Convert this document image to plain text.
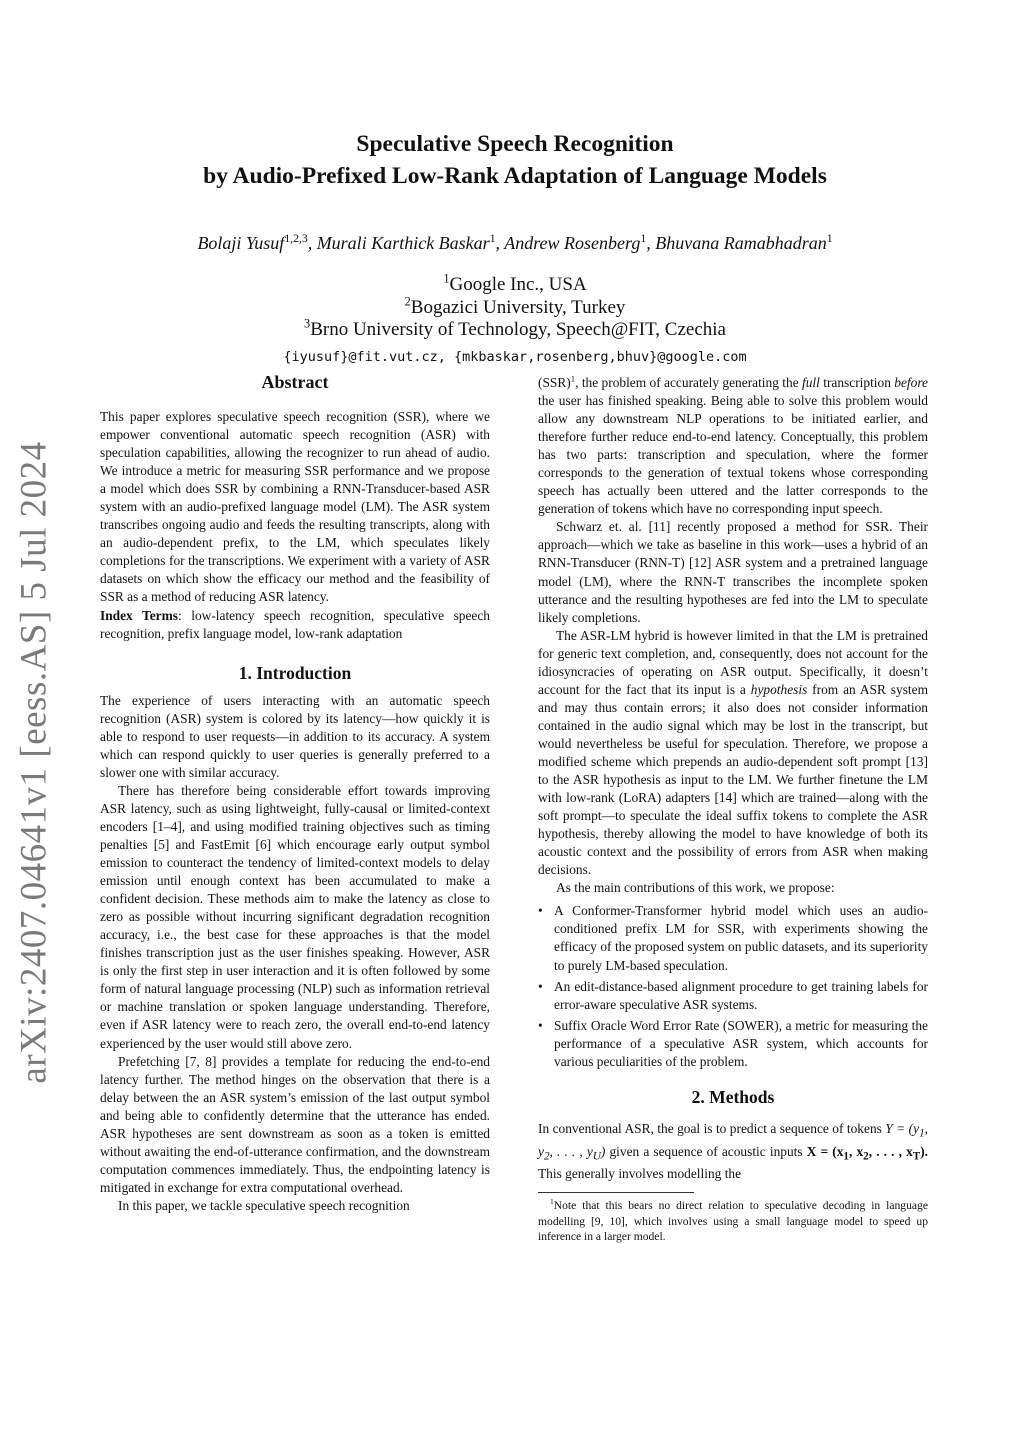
arXiv:2407.04641v1 [eess.AS] 5 Jul 2024
Speculative Speech Recognition
by Audio-Prefixed Low-Rank Adaptation of Language Models
Bolaji Yusuf$^{1,2,3}$, Murali Karthick Baskar$^1$, Andrew Rosenberg$^1$, Bhuvana Ramabhadran$^1$
$^1$Google Inc., USA
$^2$Bogazici University, Turkey
$^3$Brno University of Technology, Speech@FIT, Czechia
{iyusuf}@fit.vut.cz, {mkbaskar,rosenberg,bhuv}@google.com
Abstract

This paper explores speculative speech recognition (SSR), where we empower conventional automatic speech recognition (ASR) with speculation capabilities, allowing the recognizer to run ahead of audio. We introduce a metric for measuring SSR performance and we propose a model which does SSR by combining a RNN-Transducer-based ASR system with an audio-prefixed language model (LM). The ASR system transcribes ongoing audio and feeds the resulting transcripts, along with an audio-dependent prefix, to the LM, which speculates likely completions for the transcriptions. We experiment with a variety of ASR datasets on which show the efficacy our method and the feasibility of SSR as a method of reducing ASR latency.

Index Terms: low-latency speech recognition, speculative speech recognition, prefix language model, low-rank adaptation

1. Introduction

The experience of users interacting with an automatic speech recognition (ASR) system is colored by its latency—how quickly it is able to respond to user requests—in addition to its accuracy. A system which can respond quickly to user queries is generally preferred to a slower one with similar accuracy.

There has therefore being considerable effort towards improving ASR latency, such as using lightweight, fully-causal or limited-context encoders [1–4], and using modified training objectives such as timing penalties [5] and FastEmit [6] which encourage early output symbol emission to counteract the tendency of limited-context models to delay emission until enough context has been accumulated to make a confident decision. These methods aim to make the latency as close to zero as possible without incurring significant degradation recognition accuracy, i.e., the best case for these approaches is that the model finishes transcription just as the user finishes speaking. However, ASR is only the first step in user interaction and it is often followed by some form of natural language processing (NLP) such as information retrieval or machine translation or spoken language understanding. Therefore, even if ASR latency were to reach zero, the overall end-to-end latency experienced by the user would still above zero.

Prefetching [7, 8] provides a template for reducing the end-to-end latency further. The method hinges on the observation that there is a delay between the an ASR system’s emission of the last output symbol and being able to confidently determine that the utterance has ended. ASR hypotheses are sent downstream as soon as a token is emitted without awaiting the end-of-utterance confirmation, and the downstream computation commences immediately. Thus, the endpointing latency is mitigated in exchange for extra computational overhead.

In this paper, we tackle speculative speech recognition

(SSR)$^1$, the problem of accurately generating the full transcription before the user has finished speaking. Being able to solve this problem would allow any downstream NLP operations to be initiated earlier, and therefore further reduce end-to-end latency. Conceptually, this problem has two parts: transcription and speculation, where the former corresponds to the generation of textual tokens whose corresponding speech has actually been uttered and the latter corresponds to the generation of tokens which have no corresponding input speech.

Schwarz et. al. [11] recently proposed a method for SSR. Their approach—which we take as baseline in this work—uses a hybrid of an RNN-Transducer (RNN-T) [12] ASR system and a pretrained language model (LM), where the RNN-T transcribes the incomplete spoken utterance and the resulting hypotheses are fed into the LM to speculate likely completions.

The ASR-LM hybrid is however limited in that the LM is pretrained for generic text completion, and, consequently, does not account for the idiosyncracies of operating on ASR output. Specifically, it doesn’t account for the fact that its input is a hypothesis from an ASR system and may thus contain errors; it also does not consider information contained in the audio signal which may be lost in the transcript, but would nevertheless be useful for speculation. Therefore, we propose a modified scheme which prepends an audio-dependent soft prompt [13] to the ASR hypothesis as input to the LM. We further finetune the LM with low-rank (LoRA) adapters [14] which are trained—along with the soft prompt—to speculate the ideal suffix tokens to complete the ASR hypothesis, thereby allowing the model to have knowledge of both its acoustic context and the possibility of errors from ASR when making decisions.

As the main contributions of this work, we propose:

• A Conformer-Transformer hybrid model which uses an audio-conditioned prefix LM for SSR, with experiments showing the efficacy of the proposed system on public datasets, and its superiority to purely LM-based speculation.
• An edit-distance-based alignment procedure to get training labels for error-aware speculative ASR systems.
• Suffix Oracle Word Error Rate (SOWER), a metric for measuring the performance of a speculative ASR system, which accounts for various peculiarities of the problem.
2. Methods

In conventional ASR, the goal is to predict a sequence of tokens $Y = (y_1$, $y_2$, . . . , $y_U$) given a sequence of acoustic inputs $X = (x_1$, $x_2$, . . . , $x_T$). This generally involves modelling the

$^1$Note that this bears no direct relation to speculative decoding in language modelling [9, 10], which involves using a small language model to speed up inference in a larger model.
